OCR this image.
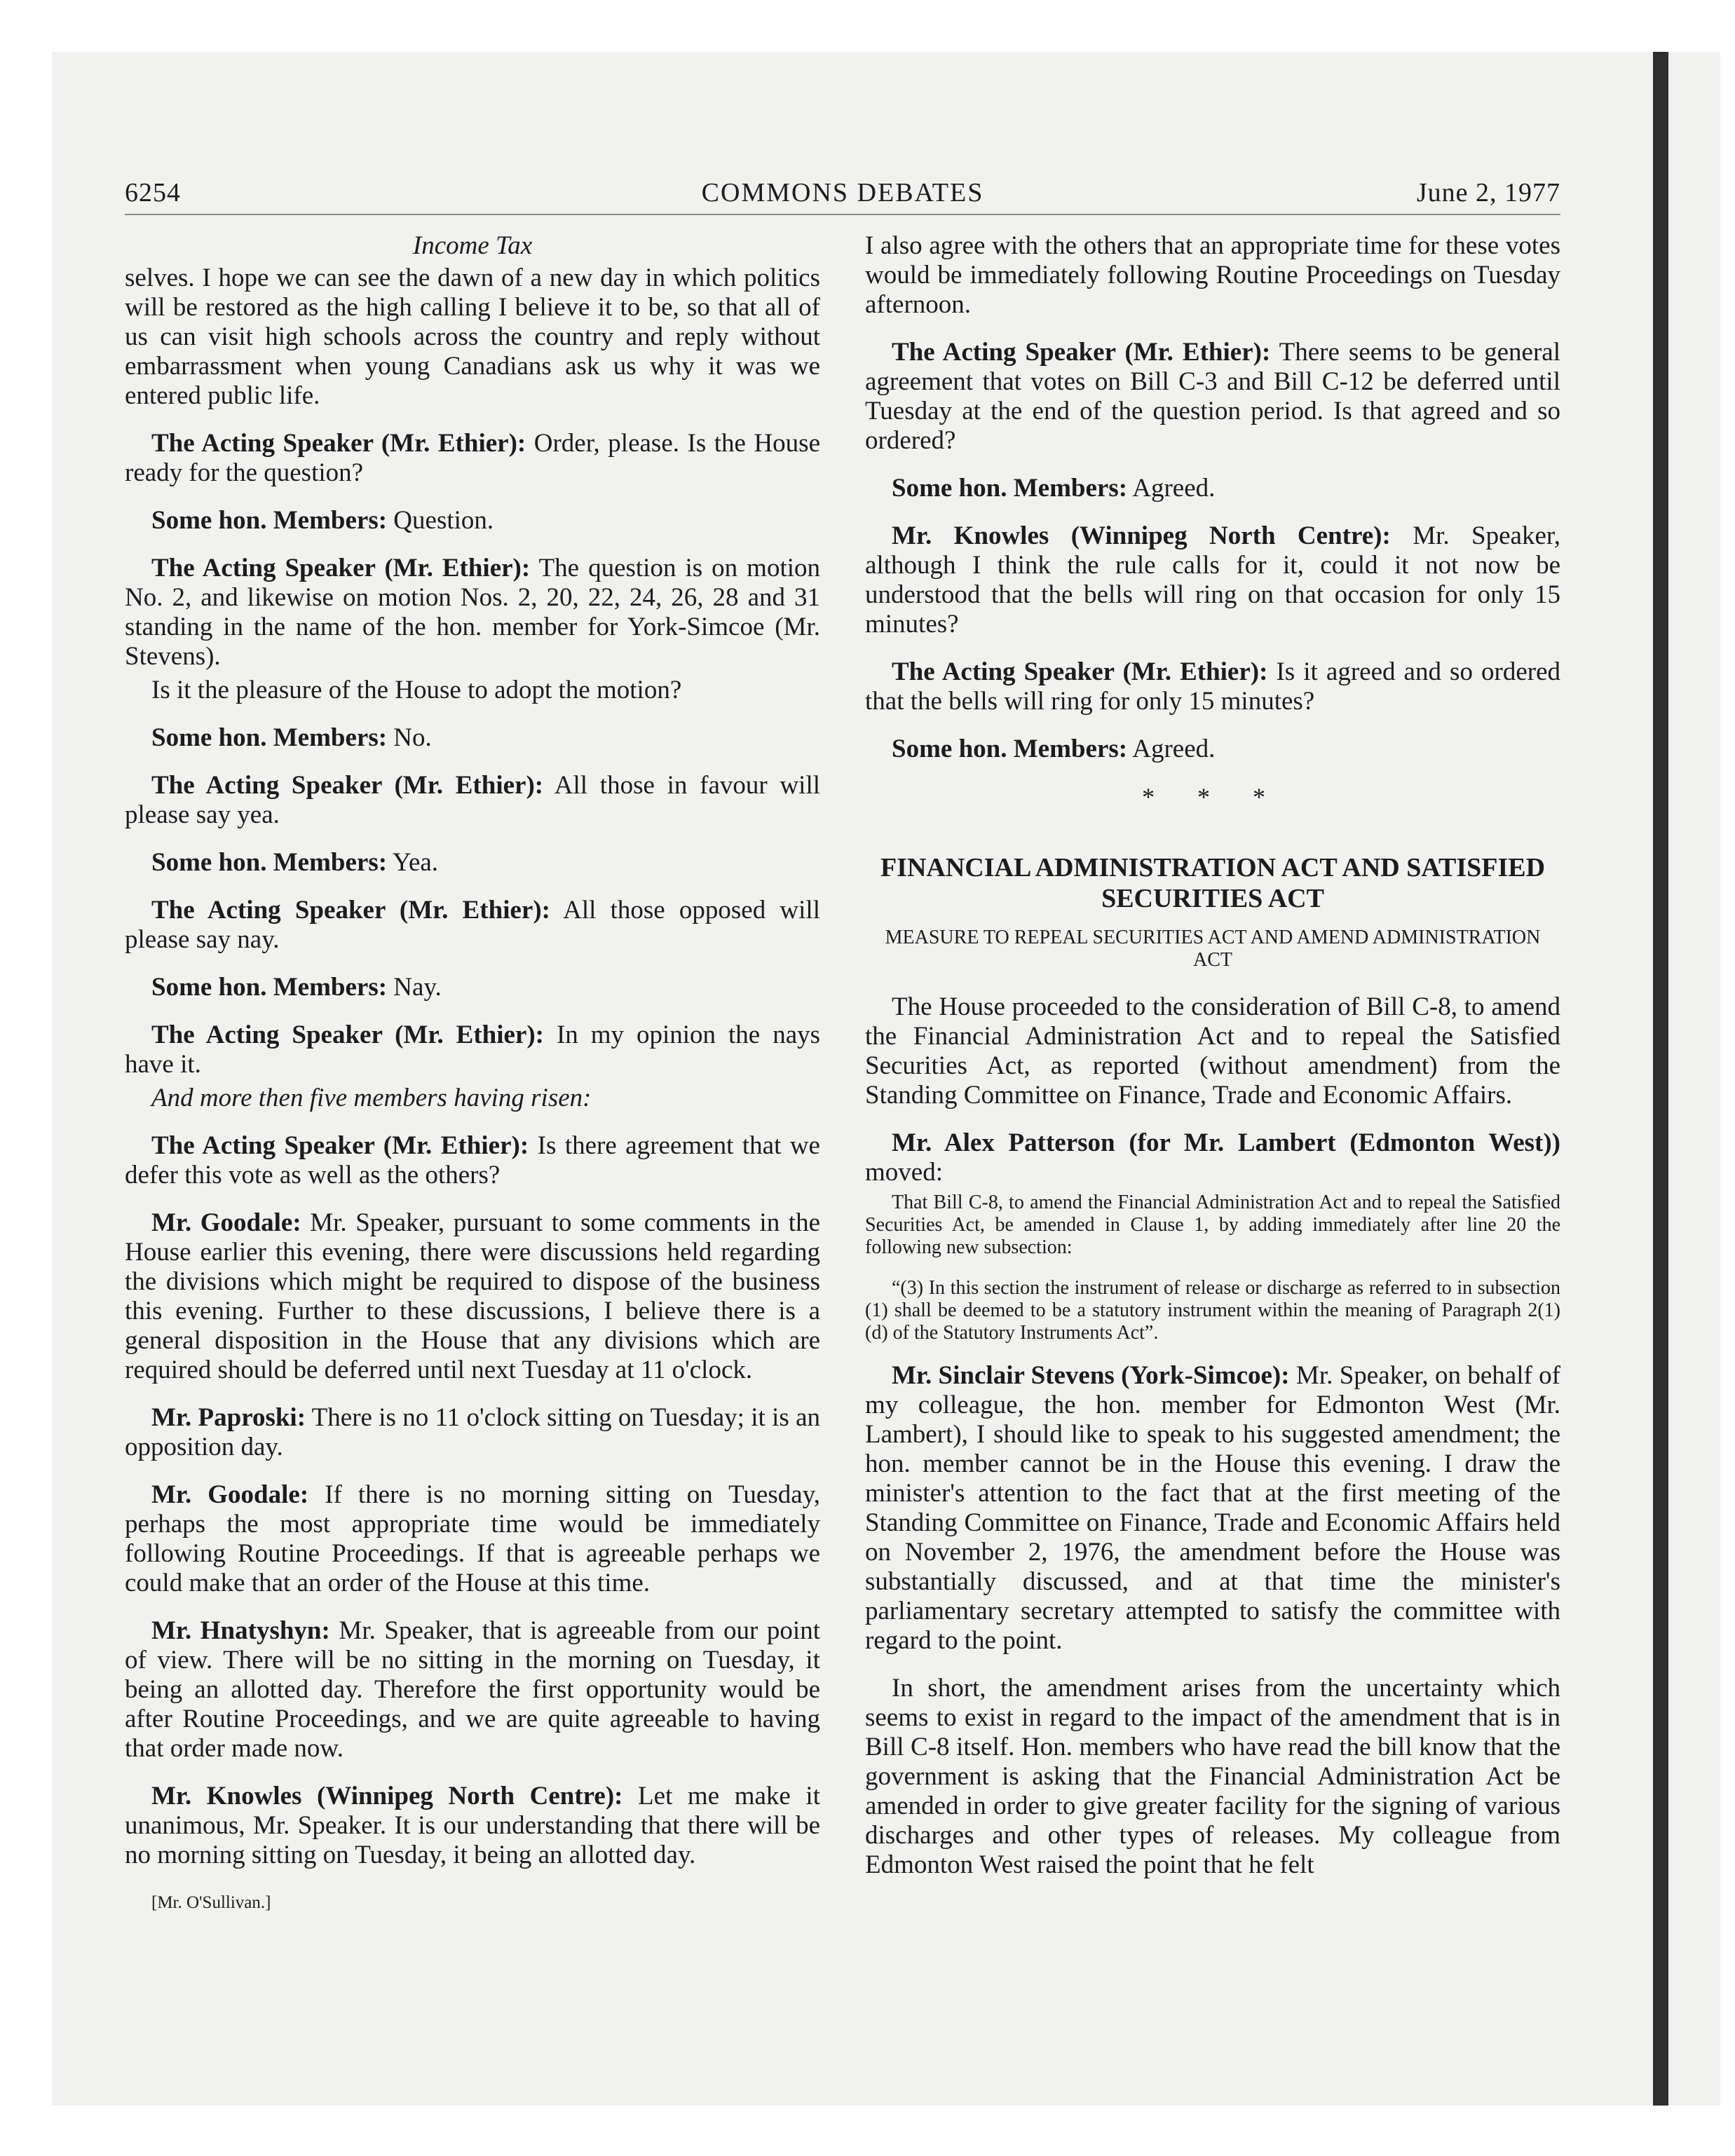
6254	COMMONS DEBATES	June 2, 1977
Income Tax

selves. I hope we can see the dawn of a new day in which politics will be restored as the high calling I believe it to be, so that all of us can visit high schools across the country and reply without embarrassment when young Canadians ask us why it was we entered public life.

The Acting Speaker (Mr. Ethier): Order, please. Is the House ready for the question?

Some hon. Members: Question.

The Acting Speaker (Mr. Ethier): The question is on motion No. 2, and likewise on motion Nos. 2, 20, 22, 24, 26, 28 and 31 standing in the name of the hon. member for York-Simcoe (Mr. Stevens).

Is it the pleasure of the House to adopt the motion?

Some hon. Members: No.

The Acting Speaker (Mr. Ethier): All those in favour will please say yea.

Some hon. Members: Yea.

The Acting Speaker (Mr. Ethier): All those opposed will please say nay.

Some hon. Members: Nay.

The Acting Speaker (Mr. Ethier): In my opinion the nays have it.

And more then five members having risen:

The Acting Speaker (Mr. Ethier): Is there agreement that we defer this vote as well as the others?

Mr. Goodale: Mr. Speaker, pursuant to some comments in the House earlier this evening, there were discussions held regarding the divisions which might be required to dispose of the business this evening. Further to these discussions, I believe there is a general disposition in the House that any divisions which are required should be deferred until next Tuesday at 11 o'clock.

Mr. Paproski: There is no 11 o'clock sitting on Tuesday; it is an opposition day.

Mr. Goodale: If there is no morning sitting on Tuesday, perhaps the most appropriate time would be immediately following Routine Proceedings. If that is agreeable perhaps we could make that an order of the House at this time.

Mr. Hnatyshyn: Mr. Speaker, that is agreeable from our point of view. There will be no sitting in the morning on Tuesday, it being an allotted day. Therefore the first opportunity would be after Routine Proceedings, and we are quite agreeable to having that order made now.

Mr. Knowles (Winnipeg North Centre): Let me make it unanimous, Mr. Speaker. It is our understanding that there will be no morning sitting on Tuesday, it being an allotted day.

[Mr. O'Sullivan.]

I also agree with the others that an appropriate time for these votes would be immediately following Routine Proceedings on Tuesday afternoon.

The Acting Speaker (Mr. Ethier): There seems to be general agreement that votes on Bill C-3 and Bill C-12 be deferred until Tuesday at the end of the question period. Is that agreed and so ordered?

Some hon. Members: Agreed.

Mr. Knowles (Winnipeg North Centre): Mr. Speaker, although I think the rule calls for it, could it not now be understood that the bells will ring on that occasion for only 15 minutes?

The Acting Speaker (Mr. Ethier): Is it agreed and so ordered that the bells will ring for only 15 minutes?

Some hon. Members: Agreed.

* * *
FINANCIAL ADMINISTRATION ACT AND SATISFIED SECURITIES ACT
MEASURE TO REPEAL SECURITIES ACT AND AMEND ADMINISTRATION ACT

The House proceeded to the consideration of Bill C-8, to amend the Financial Administration Act and to repeal the Satisfied Securities Act, as reported (without amendment) from the Standing Committee on Finance, Trade and Economic Affairs.

Mr. Alex Patterson (for Mr. Lambert (Edmonton West)) moved:

That Bill C-8, to amend the Financial Administration Act and to repeal the Satisfied Securities Act, be amended in Clause 1, by adding immediately after line 20 the following new subsection:

“(3) In this section the instrument of release or discharge as referred to in subsection (1) shall be deemed to be a statutory instrument within the meaning of Paragraph 2(1)(d) of the Statutory Instruments Act”.

Mr. Sinclair Stevens (York-Simcoe): Mr. Speaker, on behalf of my colleague, the hon. member for Edmonton West (Mr. Lambert), I should like to speak to his suggested amendment; the hon. member cannot be in the House this evening. I draw the minister's attention to the fact that at the first meeting of the Standing Committee on Finance, Trade and Economic Affairs held on November 2, 1976, the amendment before the House was substantially discussed, and at that time the minister's parliamentary secretary attempted to satisfy the committee with regard to the point.

In short, the amendment arises from the uncertainty which seems to exist in regard to the impact of the amendment that is in Bill C-8 itself. Hon. members who have read the bill know that the government is asking that the Financial Administration Act be amended in order to give greater facility for the signing of various discharges and other types of releases. My colleague from Edmonton West raised the point that he felt
